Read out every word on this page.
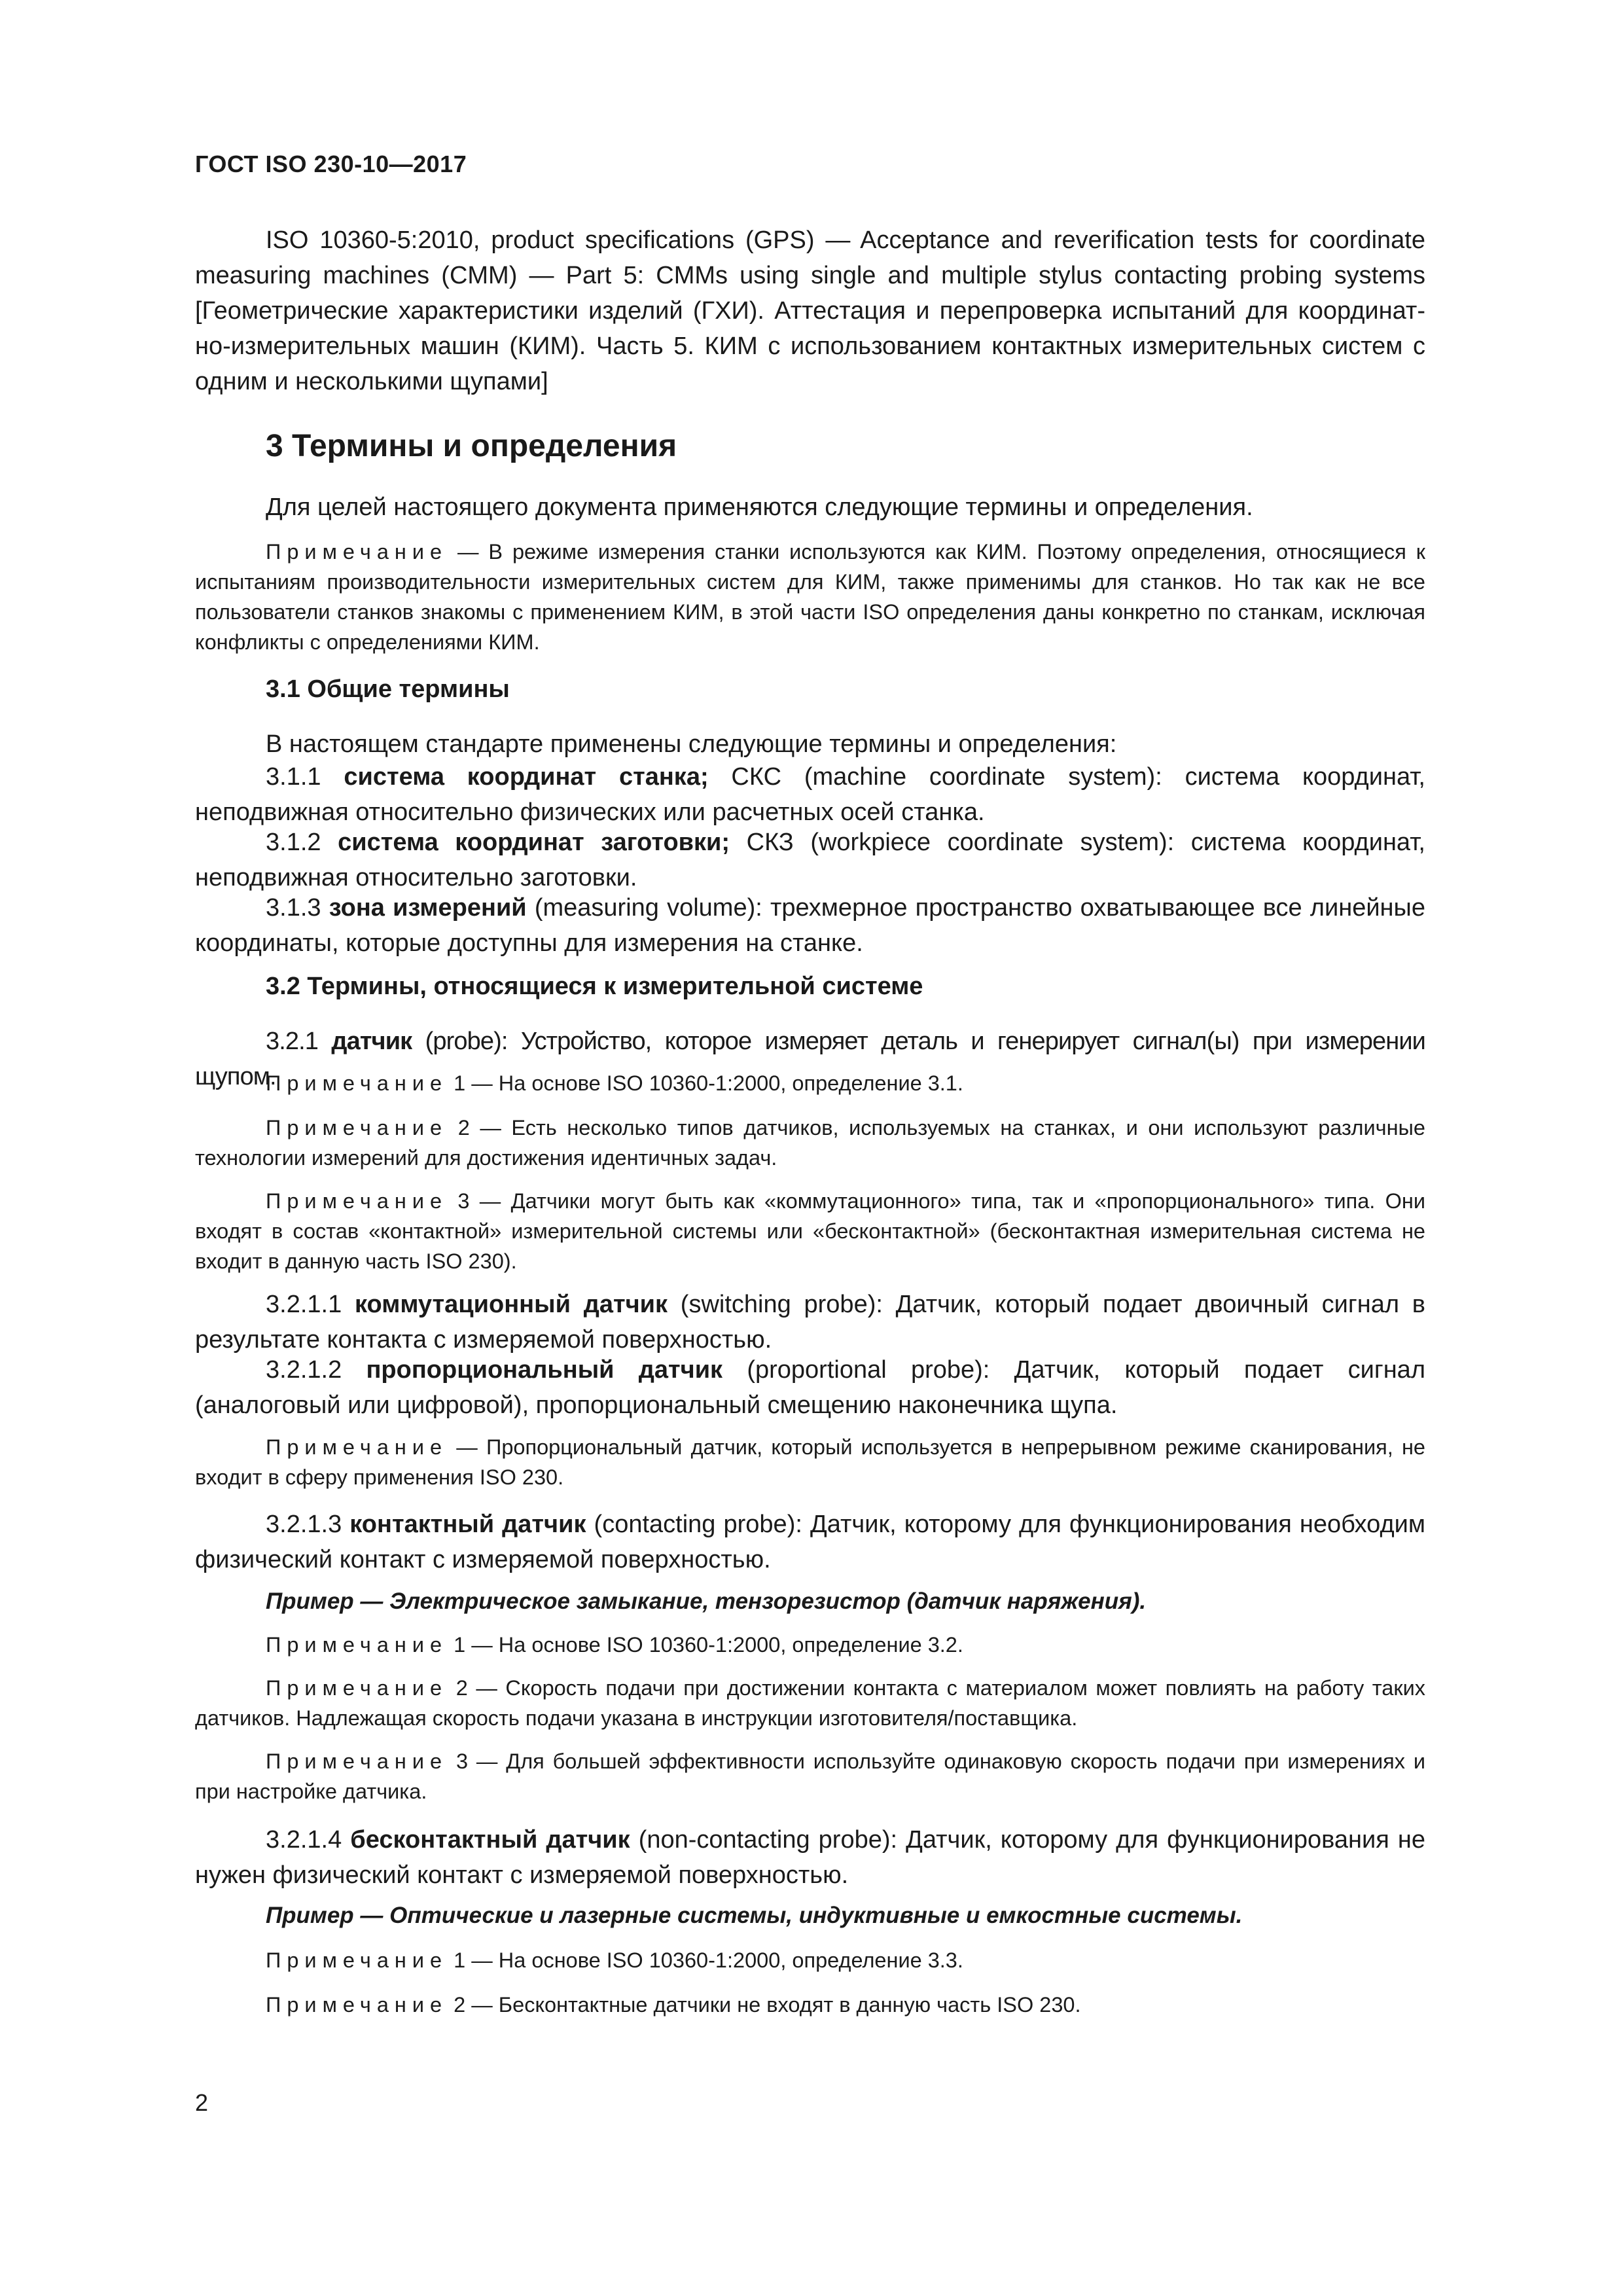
ГОСТ ISO 230-10—2017

ISO 10360-5:2010, product specifications (GPS) — Acceptance and reverification tests for coordinate measuring machines (CMM) — Part 5: CMMs using single and multiple stylus contacting probing systems [Геометрические характеристики изделий (ГХИ). Аттестация и перепроверка испытаний для координат-но-измерительных машин (КИМ). Часть 5. КИМ с использованием контактных измерительных систем с одним и несколькими щупами]

3 Термины и определения

Для целей настоящего документа применяются следующие термины и определения.

Примечание — В режиме измерения станки используются как КИМ. Поэтому определения, относящиеся к испытаниям производительности измерительных систем для КИМ, также применимы для станков. Но так как не все пользователи станков знакомы с применением КИМ, в этой части ISO определения даны конкретно по станкам, исключая конфликты с определениями КИМ.

3.1 Общие термины

В настоящем стандарте применены следующие термины и определения:

3.1.1 система координат станка; СКС (machine coordinate system): система координат, неподвижная относительно физических или расчетных осей станка.

3.1.2 система координат заготовки; СКЗ (workpiece coordinate system): система координат, неподвижная относительно заготовки.

3.1.3 зона измерений (measuring volume): трехмерное пространство охватывающее все линейные координаты, которые доступны для измерения на станке.

3.2 Термины, относящиеся к измерительной системе

3.2.1 датчик (probe): Устройство, которое измеряет деталь и генерирует сигнал(ы) при измерении щупом.

Примечание 1 — На основе ISO 10360-1:2000, определение 3.1.

Примечание 2 — Есть несколько типов датчиков, используемых на станках, и они используют различные технологии измерений для достижения идентичных задач.

Примечание 3 — Датчики могут быть как «коммутационного» типа, так и «пропорционального» типа. Они входят в состав «контактной» измерительной системы или «бесконтактной» (бесконтактная измерительная система не входит в данную часть ISO 230).

3.2.1.1 коммутационный датчик (switching probe): Датчик, который подает двоичный сигнал в результате контакта с измеряемой поверхностью.

3.2.1.2 пропорциональный датчик (proportional probe): Датчик, который подает сигнал (аналоговый или цифровой), пропорциональный смещению наконечника щупа.

Примечание — Пропорциональный датчик, который используется в непрерывном режиме сканирования, не входит в сферу применения ISO 230.

3.2.1.3 контактный датчик (contacting probe): Датчик, которому для функционирования необходим физический контакт с измеряемой поверхностью.

Пример — Электрическое замыкание, тензорезистор (датчик наряжения).

Примечание 1 — На основе ISO 10360-1:2000, определение 3.2.

Примечание 2 — Скорость подачи при достижении контакта с материалом может повлиять на работу таких датчиков. Надлежащая скорость подачи указана в инструкции изготовителя/поставщика.

Примечание 3 — Для большей эффективности используйте одинаковую скорость подачи при измерениях и при настройке датчика.

3.2.1.4 бесконтактный датчик (non-contacting probe): Датчик, которому для функционирования не нужен физический контакт с измеряемой поверхностью.

Пример — Оптические и лазерные системы, индуктивные и емкостные системы.

Примечание 1 — На основе ISO 10360-1:2000, определение 3.3.

Примечание 2 — Бесконтактные датчики не входят в данную часть ISO 230.

2
